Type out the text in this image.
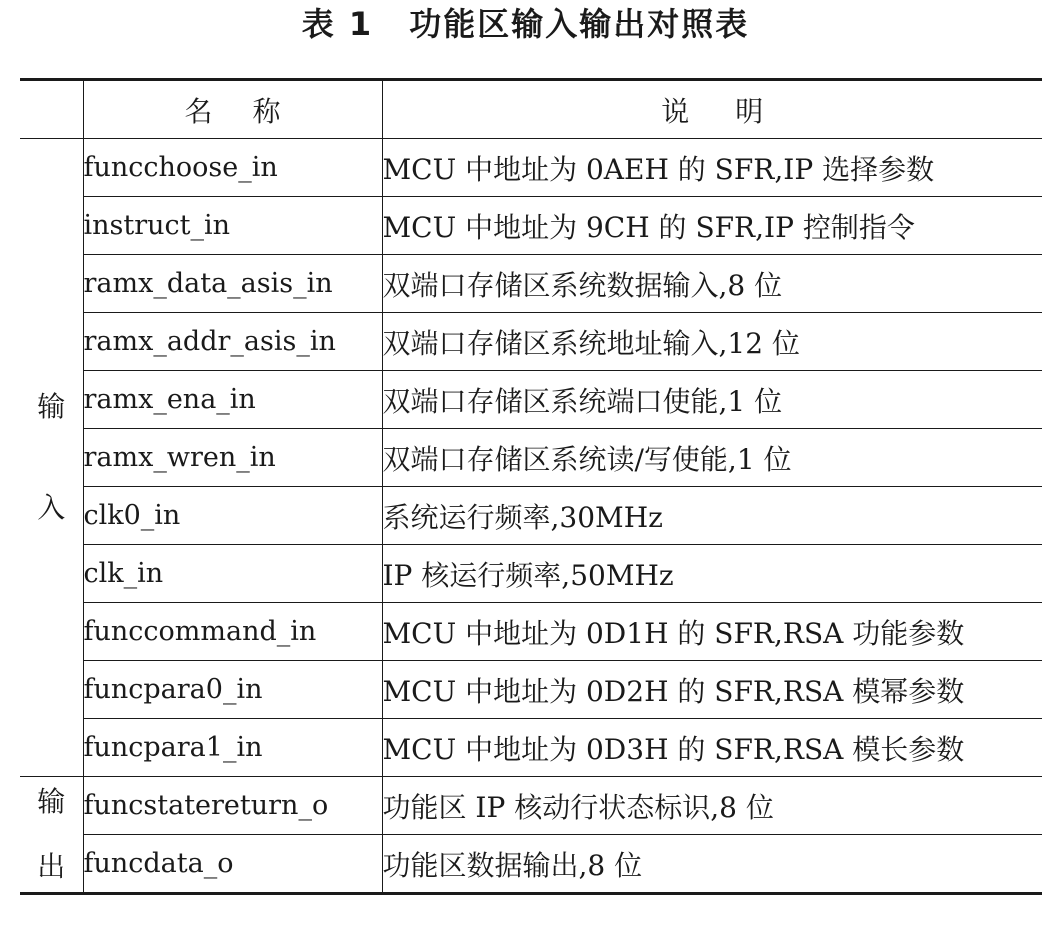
表 1 功能区输入输出对照表
	名 称	说 明

输
入	funcchoose_in	MCU 中地址为 0AEH 的 SFR,IP 选择参数
	instruct_in	MCU 中地址为 9CH 的 SFR,IP 控制指令
	ramx_data_asis_in	双端口存储区系统数据输入,8 位
	ramx_addr_asis_in	双端口存储区系统地址输入,12 位
	ramx_ena_in	双端口存储区系统端口使能,1 位
	ramx_wren_in	双端口存储区系统读/写使能,1 位
	clk0_in	系统运行频率,30MHz
	clk_in	IP 核运行频率,50MHz
	funccommand_in	MCU 中地址为 0D1H 的 SFR,RSA 功能参数
	funcpara0_in	MCU 中地址为 0D2H 的 SFR,RSA 模幂参数
	funcpara1_in	MCU 中地址为 0D3H 的 SFR,RSA 模长参数

输
出	funcstatereturn_o	功能区 IP 核动行状态标识,8 位
	funcdata_o	功能区数据输出,8 位
